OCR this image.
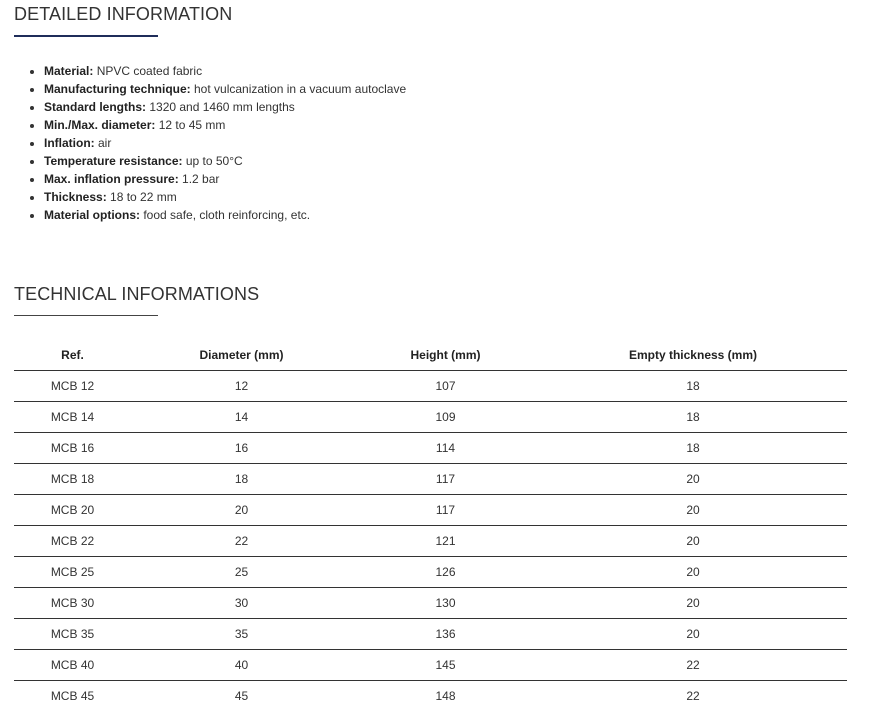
DETAILED INFORMATION
• Material: NPVC coated fabric
• Manufacturing technique: hot vulcanization in a vacuum autoclave
• Standard lengths: 1320 and 1460 mm lengths
• Min./Max. diameter: 12 to 45 mm
• Inflation: air
• Temperature resistance: up to 50°C
• Max. inflation pressure: 1.2 bar
• Thickness: 18 to 22 mm
• Material options: food safe, cloth reinforcing, etc.
TECHNICAL INFORMATIONS
Ref.	Diameter (mm)	Height (mm)	Empty thickness (mm)
MCB 12	12	107	18
MCB 14	14	109	18
MCB 16	16	114	18
MCB 18	18	117	20
MCB 20	20	117	20
MCB 22	22	121	20
MCB 25	25	126	20
MCB 30	30	130	20
MCB 35	35	136	20
MCB 40	40	145	22
MCB 45	45	148	22
